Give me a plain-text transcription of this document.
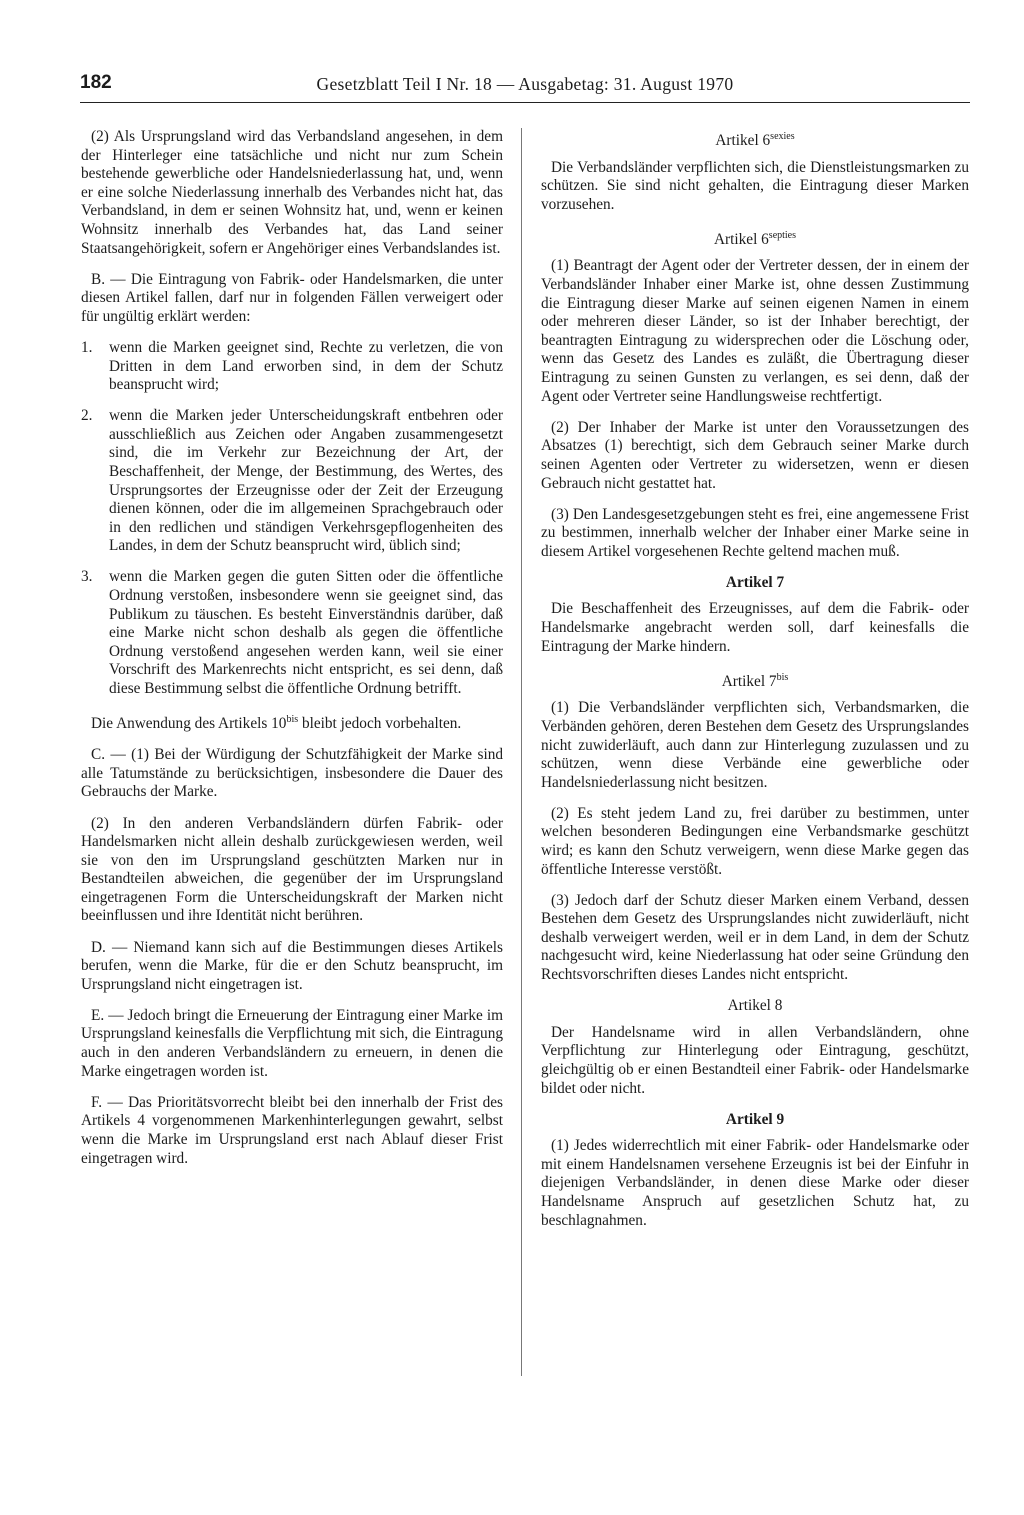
182	Gesetzblatt Teil I Nr. 18 — Ausgabetag: 31. August 1970

(2) Als Ursprungsland wird das Verbandsland angesehen, in dem der Hinterleger eine tatsächliche und nicht nur zum Schein bestehende gewerbliche oder Handelsniederlassung hat, und, wenn er eine solche Niederlassung innerhalb des Verbandes nicht hat, das Verbandsland, in dem er seinen Wohnsitz hat, und, wenn er keinen Wohnsitz innerhalb des Verbandes hat, das Land seiner Staatsangehörigkeit, sofern er Angehöriger eines Verbandslandes ist.

B. — Die Eintragung von Fabrik- oder Handelsmarken, die unter diesen Artikel fallen, darf nur in folgenden Fällen verweigert oder für ungültig erklärt werden:

1.	wenn die Marken geeignet sind, Rechte zu verletzen, die von Dritten in dem Land erworben sind, in dem der Schutz beansprucht wird;
2.	wenn die Marken jeder Unterscheidungskraft entbehren oder ausschließlich aus Zeichen oder Angaben zusammengesetzt sind, die im Verkehr zur Bezeichnung der Art, der Beschaffenheit, der Menge, der Bestimmung, des Wertes, des Ursprungsortes der Erzeugnisse oder der Zeit der Erzeugung dienen können, oder die im allgemeinen Sprachgebrauch oder in den redlichen und ständigen Verkehrsgepflogenheiten des Landes, in dem der Schutz beansprucht wird, üblich sind;
3.	wenn die Marken gegen die guten Sitten oder die öffentliche Ordnung verstoßen, insbesondere wenn sie geeignet sind, das Publikum zu täuschen. Es besteht Einverständnis darüber, daß eine Marke nicht schon deshalb als gegen die öffentliche Ordnung verstoßend angesehen werden kann, weil sie einer Vorschrift des Markenrechts nicht entspricht, es sei denn, daß diese Bestimmung selbst die öffentliche Ordnung betrifft.

Die Anwendung des Artikels $10^{bis}$ bleibt jedoch vorbehalten.

C. — (1) Bei der Würdigung der Schutzfähigkeit der Marke sind alle Tatumstände zu berücksichtigen, insbesondere die Dauer des Gebrauchs der Marke.

(2) In den anderen Verbandsländern dürfen Fabrik- oder Handelsmarken nicht allein deshalb zurückgewiesen werden, weil sie von den im Ursprungsland geschützten Marken nur in Bestandteilen abweichen, die gegenüber der im Ursprungsland eingetragenen Form die Unterscheidungskraft der Marken nicht beeinflussen und ihre Identität nicht berühren.

D. — Niemand kann sich auf die Bestimmungen dieses Artikels berufen, wenn die Marke, für die er den Schutz beansprucht, im Ursprungsland nicht eingetragen ist.

E. — Jedoch bringt die Erneuerung der Eintragung einer Marke im Ursprungsland keinesfalls die Verpflichtung mit sich, die Eintragung auch in den anderen Verbandsländern zu erneuern, in denen die Marke eingetragen worden ist.

F. — Das Prioritätsvorrecht bleibt bei den innerhalb der Frist des Artikels 4 vorgenommenen Markenhinterlegungen gewahrt, selbst wenn die Marke im Ursprungsland erst nach Ablauf dieser Frist eingetragen wird.

Artikel $6^{sexies}$

Die Verbandsländer verpflichten sich, die Dienstleistungsmarken zu schützen. Sie sind nicht gehalten, die Eintragung dieser Marken vorzusehen.

Artikel $6^{septies}$

(1) Beantragt der Agent oder der Vertreter dessen, der in einem der Verbandsländer Inhaber einer Marke ist, ohne dessen Zustimmung die Eintragung dieser Marke auf seinen eigenen Namen in einem oder mehreren dieser Länder, so ist der Inhaber berechtigt, der beantragten Eintragung zu widersprechen oder die Löschung oder, wenn das Gesetz des Landes es zuläßt, die Übertragung dieser Eintragung zu seinen Gunsten zu verlangen, es sei denn, daß der Agent oder Vertreter seine Handlungsweise rechtfertigt.

(2) Der Inhaber der Marke ist unter den Voraussetzungen des Absatzes (1) berechtigt, sich dem Gebrauch seiner Marke durch seinen Agenten oder Vertreter zu widersetzen, wenn er diesen Gebrauch nicht gestattet hat.

(3) Den Landesgesetzgebungen steht es frei, eine angemessene Frist zu bestimmen, innerhalb welcher der Inhaber einer Marke seine in diesem Artikel vorgesehenen Rechte geltend machen muß.

Artikel 7

Die Beschaffenheit des Erzeugnisses, auf dem die Fabrik- oder Handelsmarke angebracht werden soll, darf keinesfalls die Eintragung der Marke hindern.

Artikel $7^{bis}$

(1) Die Verbandsländer verpflichten sich, Verbandsmarken, die Verbänden gehören, deren Bestehen dem Gesetz des Ursprungslandes nicht zuwiderläuft, auch dann zur Hinterlegung zuzulassen und zu schützen, wenn diese Verbände eine gewerbliche oder Handelsniederlassung nicht besitzen.

(2) Es steht jedem Land zu, frei darüber zu bestimmen, unter welchen besonderen Bedingungen eine Verbandsmarke geschützt wird; es kann den Schutz verweigern, wenn diese Marke gegen das öffentliche Interesse verstößt.

(3) Jedoch darf der Schutz dieser Marken einem Verband, dessen Bestehen dem Gesetz des Ursprungslandes nicht zuwiderläuft, nicht deshalb verweigert werden, weil er in dem Land, in dem der Schutz nachgesucht wird, keine Niederlassung hat oder seine Gründung den Rechtsvorschriften dieses Landes nicht entspricht.

Artikel 8

Der Handelsname wird in allen Verbandsländern, ohne Verpflichtung zur Hinterlegung oder Eintragung, geschützt, gleichgültig ob er einen Bestandteil einer Fabrik- oder Handelsmarke bildet oder nicht.

Artikel 9

(1) Jedes widerrechtlich mit einer Fabrik- oder Handelsmarke oder mit einem Handelsnamen versehene Erzeugnis ist bei der Einfuhr in diejenigen Verbandsländer, in denen diese Marke oder dieser Handelsname Anspruch auf gesetzlichen Schutz hat, zu beschlagnahmen.
